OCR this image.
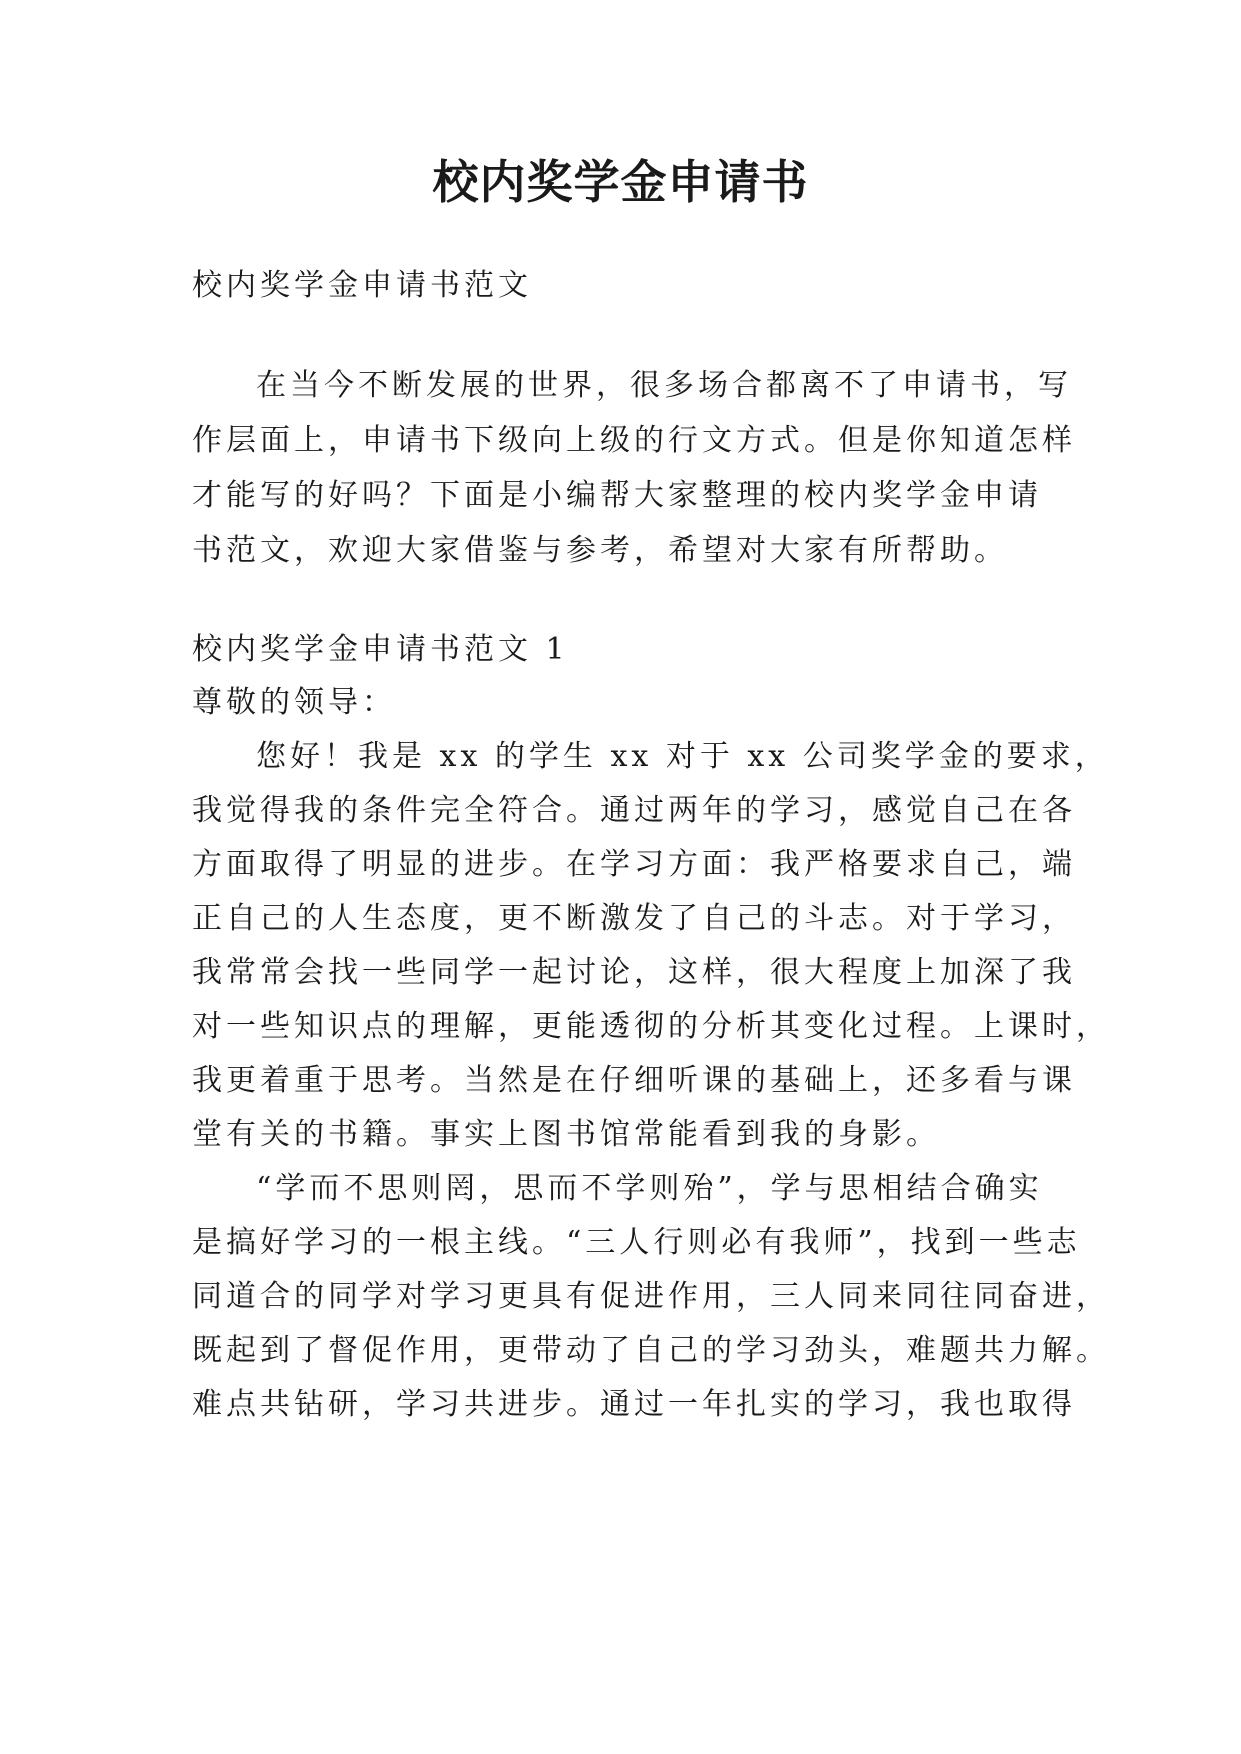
校内奖学金申请书
校内奖学金申请书范文
在当今不断发展的世界，很多场合都离不了申请书，写
作层面上，申请书下级向上级的行文方式。但是你知道怎样
才能写的好吗？下面是小编帮大家整理的校内奖学金申请
书范文，欢迎大家借鉴与参考，希望对大家有所帮助。
校内奖学金申请书范文 1
尊敬的领导：
您好！我是 xx 的学生 xx 对于 xx 公司奖学金的要求，
我觉得我的条件完全符合。通过两年的学习，感觉自己在各
方面取得了明显的进步。在学习方面：我严格要求自己，端
正自己的人生态度，更不断激发了自己的斗志。对于学习，
我常常会找一些同学一起讨论，这样，很大程度上加深了我
对一些知识点的理解，更能透彻的分析其变化过程。上课时，
我更着重于思考。当然是在仔细听课的基础上，还多看与课
堂有关的书籍。事实上图书馆常能看到我的身影。
“学而不思则罔，思而不学则殆”，学与思相结合确实
是搞好学习的一根主线。“三人行则必有我师”，找到一些志
同道合的同学对学习更具有促进作用，三人同来同往同奋进，
既起到了督促作用，更带动了自己的学习劲头，难题共力解。
难点共钻研，学习共进步。通过一年扎实的学习，我也取得
